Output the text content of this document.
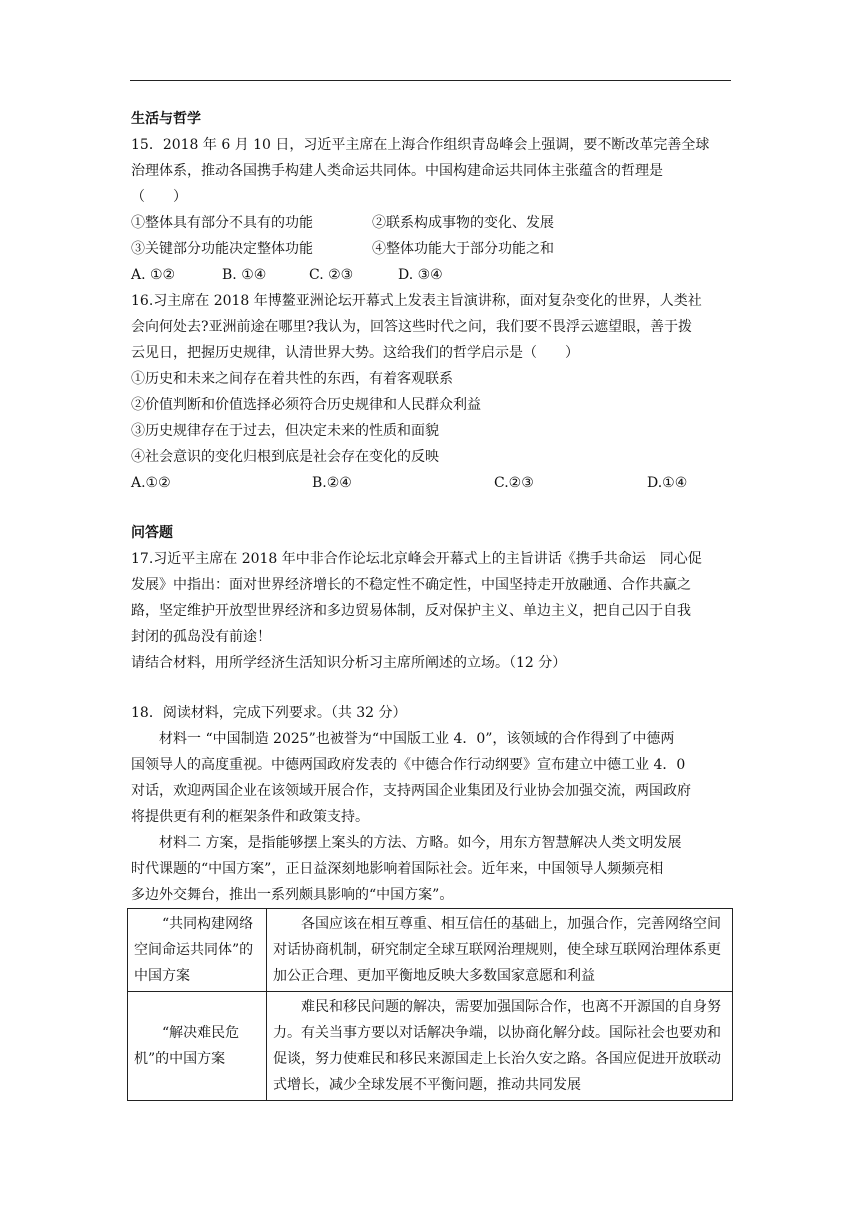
生活与哲学
15．2018 年 6 月 10 日，习近平主席在上海合作组织青岛峰会上强调，要不断改革完善全球
治理体系，推动各国携手构建人类命运共同体。中国构建命运共同体主张蕴含的哲理是
（　　）
①整体具有部分不具有的功能	②联系构成事物的变化、发展
③关键部分功能决定整体功能	④整体功能大于部分功能之和
A. ①②	B. ①④	C. ②③	D. ③④
16.习主席在 2018 年博鳌亚洲论坛开幕式上发表主旨演讲称，面对复杂变化的世界，人类社
会向何处去?亚洲前途在哪里?我认为，回答这些时代之问，我们要不畏浮云遮望眼，善于拨
云见日，把握历史规律，认清世界大势。这给我们的哲学启示是（　　）
①历史和未来之间存在着共性的东西，有着客观联系
②价值判断和价值选择必须符合历史规律和人民群众利益
③历史规律存在于过去，但决定未来的性质和面貌
④社会意识的变化归根到底是社会存在变化的反映
A.①②	B.②④	C.②③	D.①④
问答题
17.习近平主席在 2018 年中非合作论坛北京峰会开幕式上的主旨讲话《携手共命运　同心促
发展》中指出：面对世界经济增长的不稳定性不确定性，中国坚持走开放融通、合作共赢之
路，坚定维护开放型世界经济和多边贸易体制，反对保护主义、单边主义，把自己囚于自我
封闭的孤岛没有前途！
请结合材料，用所学经济生活知识分析习主席所阐述的立场。（12 分）
18．阅读材料，完成下列要求。（共 32 分）
材料一 “中国制造 2025”也被誉为“中国版工业 4．0”，该领域的合作得到了中德两
国领导人的高度重视。中德两国政府发表的《中德合作行动纲要》宣布建立中德工业 4．0
对话，欢迎两国企业在该领域开展合作，支持两国企业集团及行业协会加强交流，两国政府
将提供更有利的框架条件和政策支持。
材料二 方案，是指能够摆上案头的方法、方略。如今，用东方智慧解决人类文明发展
时代课题的“中国方案”，正日益深刻地影响着国际社会。近年来，中国领导人频频亮相
多边外交舞台，推出一系列颇具影响的“中国方案”。
“共同构建网络空间命运共同体”的中国方案	各国应该在相互尊重、相互信任的基础上，加强合作，完善网络空间对话协商机制，研究制定全球互联网治理规则，使全球互联网治理体系更加公正合理、更加平衡地反映大多数国家意愿和利益

“解决难民危机”的中国方案	难民和移民问题的解决，需要加强国际合作，也离不开源国的自身努力。有关当事方要以对话解决争端，以协商化解分歧。国际社会也要劝和促谈，努力使难民和移民来源国走上长治久安之路。各国应促进开放联动式增长，减少全球发展不平衡问题，推动共同发展
